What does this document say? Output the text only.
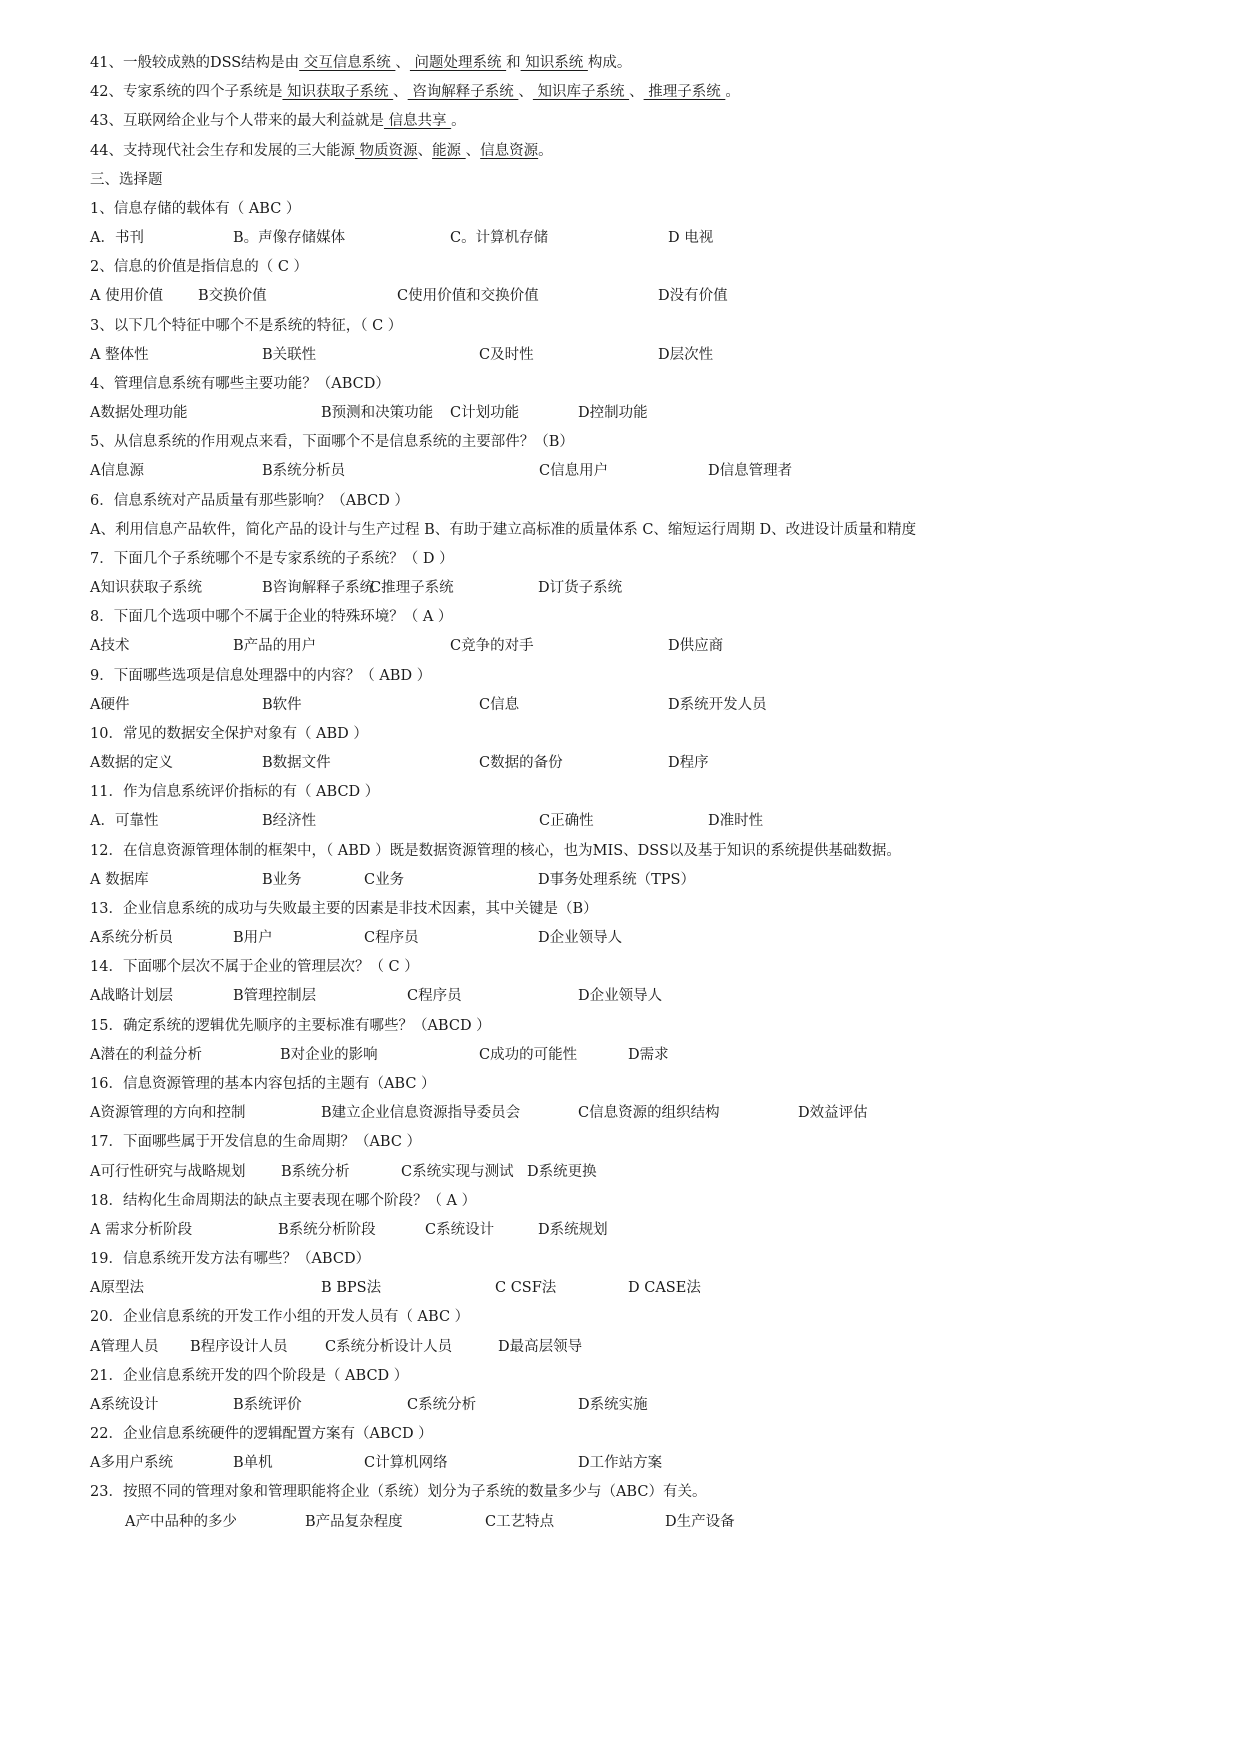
41、一般较成熟的DSS结构是由 交互信息系统 、 问题处理系统 和 知识系统 构成。
42、专家系统的四个子系统是 知识获取子系统 、 咨询解释子系统 、 知识库子系统 、 推理子系统 。
43、互联网给企业与个人带来的最大利益就是 信息共享 。
44、支持现代社会生存和发展的三大能源 物质资源、能源 、信息资源。
三、选择题
1、信息存储的载体有（ ABC ）
A．书刊	B。声像存储媒体	C。计算机存储	D 电视
2、信息的价值是指信息的（ C ）
A 使用价值 B交换价值	C使用价值和交换价值	D没有价值
3、以下几个特征中哪个不是系统的特征，（ C ）
A 整体性	B关联性	C及时性	D层次性
4、管理信息系统有哪些主要功能？（ABCD）
A数据处理功能	B预测和决策功能 C计划功能	D控制功能
5、从信息系统的作用观点来看，下面哪个不是信息系统的主要部件？（B）
A信息源	B系统分析员	C信息用户	D信息管理者
6．信息系统对产品质量有那些影响？（ABCD ）
A、利用信息产品软件，简化产品的设计与生产过程 B、有助于建立高标准的质量体系 C、缩短运行周期 D、改进设计质量和精度
7．下面几个子系统哪个不是专家系统的子系统？（ D ）
A知识获取子系统	B咨询解释子系统
C推理子系统	D订货子系统
8．下面几个选项中哪个不属于企业的特殊环境？（ A ）
A技术	B产品的用户	C竞争的对手	D供应商
9．下面哪些选项是信息处理器中的内容？（ ABD ）
A硬件	B软件	C信息	D系统开发人员
10．常见的数据安全保护对象有（ ABD ）
A数据的定义	B数据文件	C数据的备份	D程序
11．作为信息系统评价指标的有（ ABCD ）
A．可靠性	B经济性	C正确性	D准时性
12．在信息资源管理体制的框架中，（ ABD ）既是数据资源管理的核心，也为MIS、DSS以及基于知识的系统提供基础数据。
A 数据库	B业务	C业务	D事务处理系统（TPS）
13．企业信息系统的成功与失败最主要的因素是非技术因素，其中关键是（B）
A系统分析员	B用户	C程序员	D企业领导人
14．下面哪个层次不属于企业的管理层次？（ C ）
A战略计划层	B管理控制层	C程序员	D企业领导人
15．确定系统的逻辑优先顺序的主要标准有哪些？（ABCD ）
A潜在的利益分析	B对企业的影响	C成功的可能性	D需求
16．信息资源管理的基本内容包括的主题有（ABC ）
A资源管理的方向和控制	B建立企业信息资源指导委员会	C信息资源的组织结构	D效益评估
17．下面哪些属于开发信息的生命周期？（ABC ）
A可行性研究与战略规划 B系统分析	C系统实现与测试 D系统更换
18．结构化生命周期法的缺点主要表现在哪个阶段？（ A ）
A 需求分析阶段	B系统分析阶段	C系统设计	D系统规划
19．信息系统开发方法有哪些？（ABCD）
A原型法	B BPS法	C CSF法	D CASE法
20．企业信息系统的开发工作小组的开发人员有（ ABC ）
A管理人员 B程序设计人员	C系统分析设计人员	D最高层领导
21．企业信息系统开发的四个阶段是（ ABCD ）
A系统设计	B系统评价	C系统分析	D系统实施
22．企业信息系统硬件的逻辑配置方案有（ABCD ）
A多用户系统	B单机	C计算机网络	D工作站方案
23．按照不同的管理对象和管理职能将企业（系统）划分为子系统的数量多少与（ABC）有关。
A产中品种的多少	B产品复杂程度	C工艺特点	D生产设备
